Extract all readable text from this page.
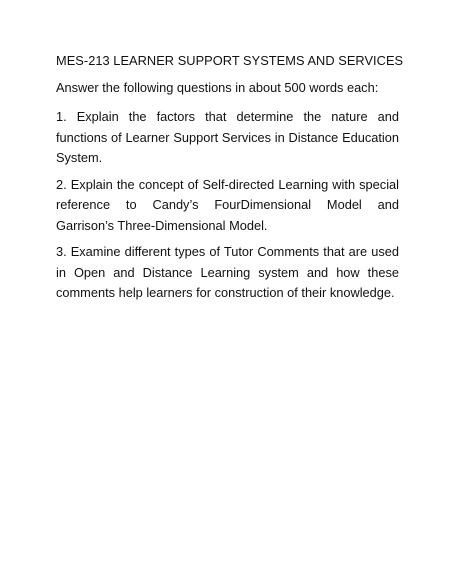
MES-213 LEARNER SUPPORT SYSTEMS AND SERVICES

Answer the following questions in about 500 words each:

1. Explain the factors that determine the nature and functions of Learner Support Services in Distance Education System.

2. Explain the concept of Self-directed Learning with special reference to Candy’s FourDimensional Model and Garrison’s Three-Dimensional Model.

3. Examine different types of Tutor Comments that are used in Open and Distance Learning system and how these comments help learners for construction of their knowledge.
